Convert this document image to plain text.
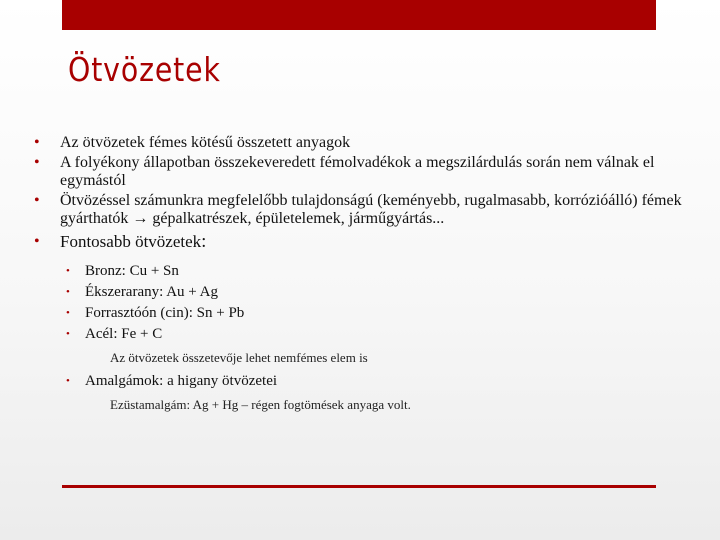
Ötvözetek
• Az ötvözetek fémes kötésű összetett anyagok
• A folyékony állapotban összekeveredett fémolvadékok a megszilárdulás során nem válnak el egymástól
• Ötvözéssel számunkra megfelelőbb tulajdonságú (keményebb, rugalmasabb, korrózióálló) fémek gyárthatók → gépalkatrészek, épületelemek, járműgyártás...
• Fontosabb ötvözetek:
• Bronz: Cu + Sn
• Ékszerarany: Au + Ag
• Forrasztóón (cin): Sn + Pb
• Acél: Fe + C
Az ötvözetek összetevője lehet nemfémes elem is
• Amalgámok: a higany ötvözetei
Ezüstamalgám: Ag + Hg – régen fogtömések anyaga volt.
